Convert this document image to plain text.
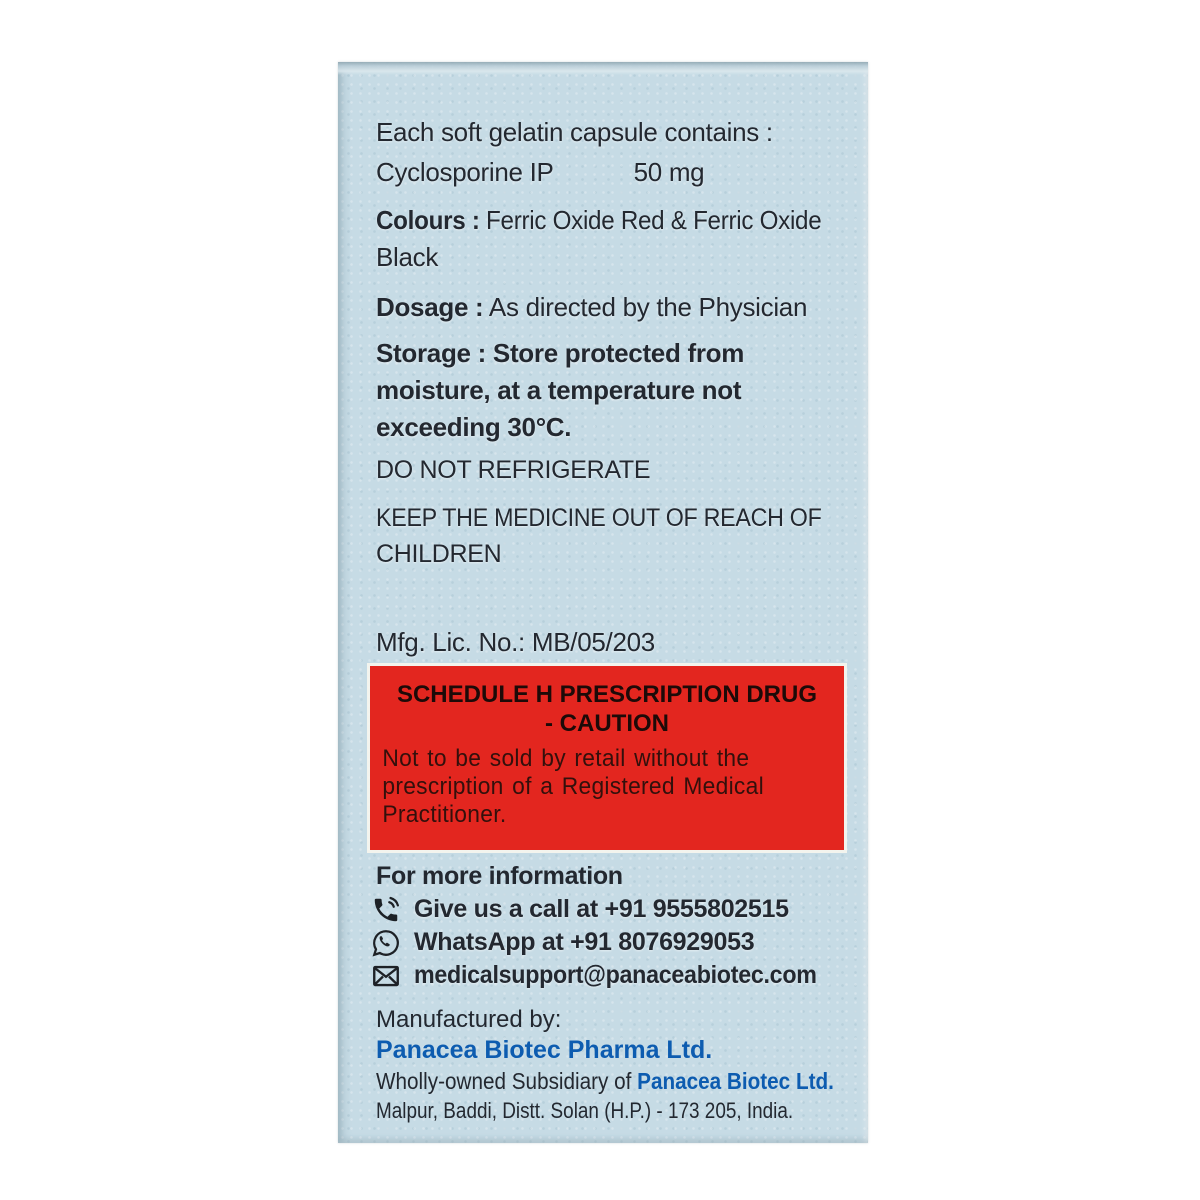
Each soft gelatin capsule contains :
Cyclosporine IP	50 mg
Colours : Ferric Oxide Red & Ferric Oxide
Black
Dosage : As directed by the Physician
Storage : Store protected from
moisture, at a temperature not
exceeding 30°C.
DO NOT REFRIGERATE
KEEP THE MEDICINE OUT OF REACH OF
CHILDREN
Mfg. Lic. No.: MB/05/203
SCHEDULE H PRESCRIPTION DRUG
- CAUTION
Not to be sold by retail without the
prescription of a Registered Medical
Practitioner.
For more information
Give us a call at +91 9555802515
WhatsApp at +91 8076929053
medicalsupport@panaceabiotec.com
Manufactured by:
Panacea Biotec Pharma Ltd.
Wholly-owned Subsidiary of Panacea Biotec Ltd.
Malpur, Baddi, Distt. Solan (H.P.) - 173 205, India.
